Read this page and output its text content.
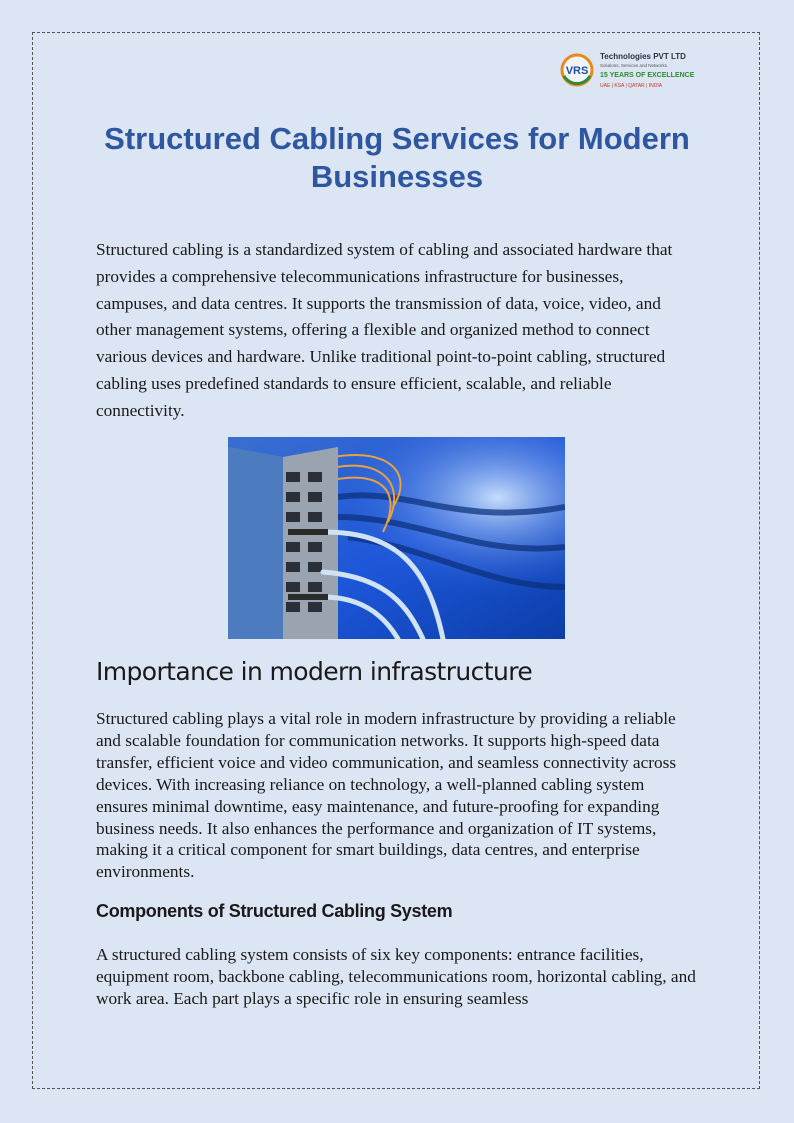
VRS
Technologies PVT LTD
Solutions, Services and Networks
15 YEARS OF EXCELLENCE
UAE | KSA | QATAR | INDIA
Structured Cabling Services for Modern Businesses

Structured cabling is a standardized system of cabling and associated hardware that provides a comprehensive telecommunications infrastructure for businesses, campuses, and data centres. It supports the transmission of data, voice, video, and other management systems, offering a flexible and organized method to connect various devices and hardware. Unlike traditional point-to-point cabling, structured cabling uses predefined standards to ensure efficient, scalable, and reliable connectivity.

Importance in modern infrastructure

Structured cabling plays a vital role in modern infrastructure by providing a reliable and scalable foundation for communication networks. It supports high-speed data transfer, efficient voice and video communication, and seamless connectivity across devices. With increasing reliance on technology, a well-planned cabling system ensures minimal downtime, easy maintenance, and future-proofing for expanding business needs. It also enhances the performance and organization of IT systems, making it a critical component for smart buildings, data centres, and enterprise environments.

Components of Structured Cabling System

A structured cabling system consists of six key components: entrance facilities, equipment room, backbone cabling, telecommunications room, horizontal cabling, and work area. Each part plays a specific role in ensuring seamless
